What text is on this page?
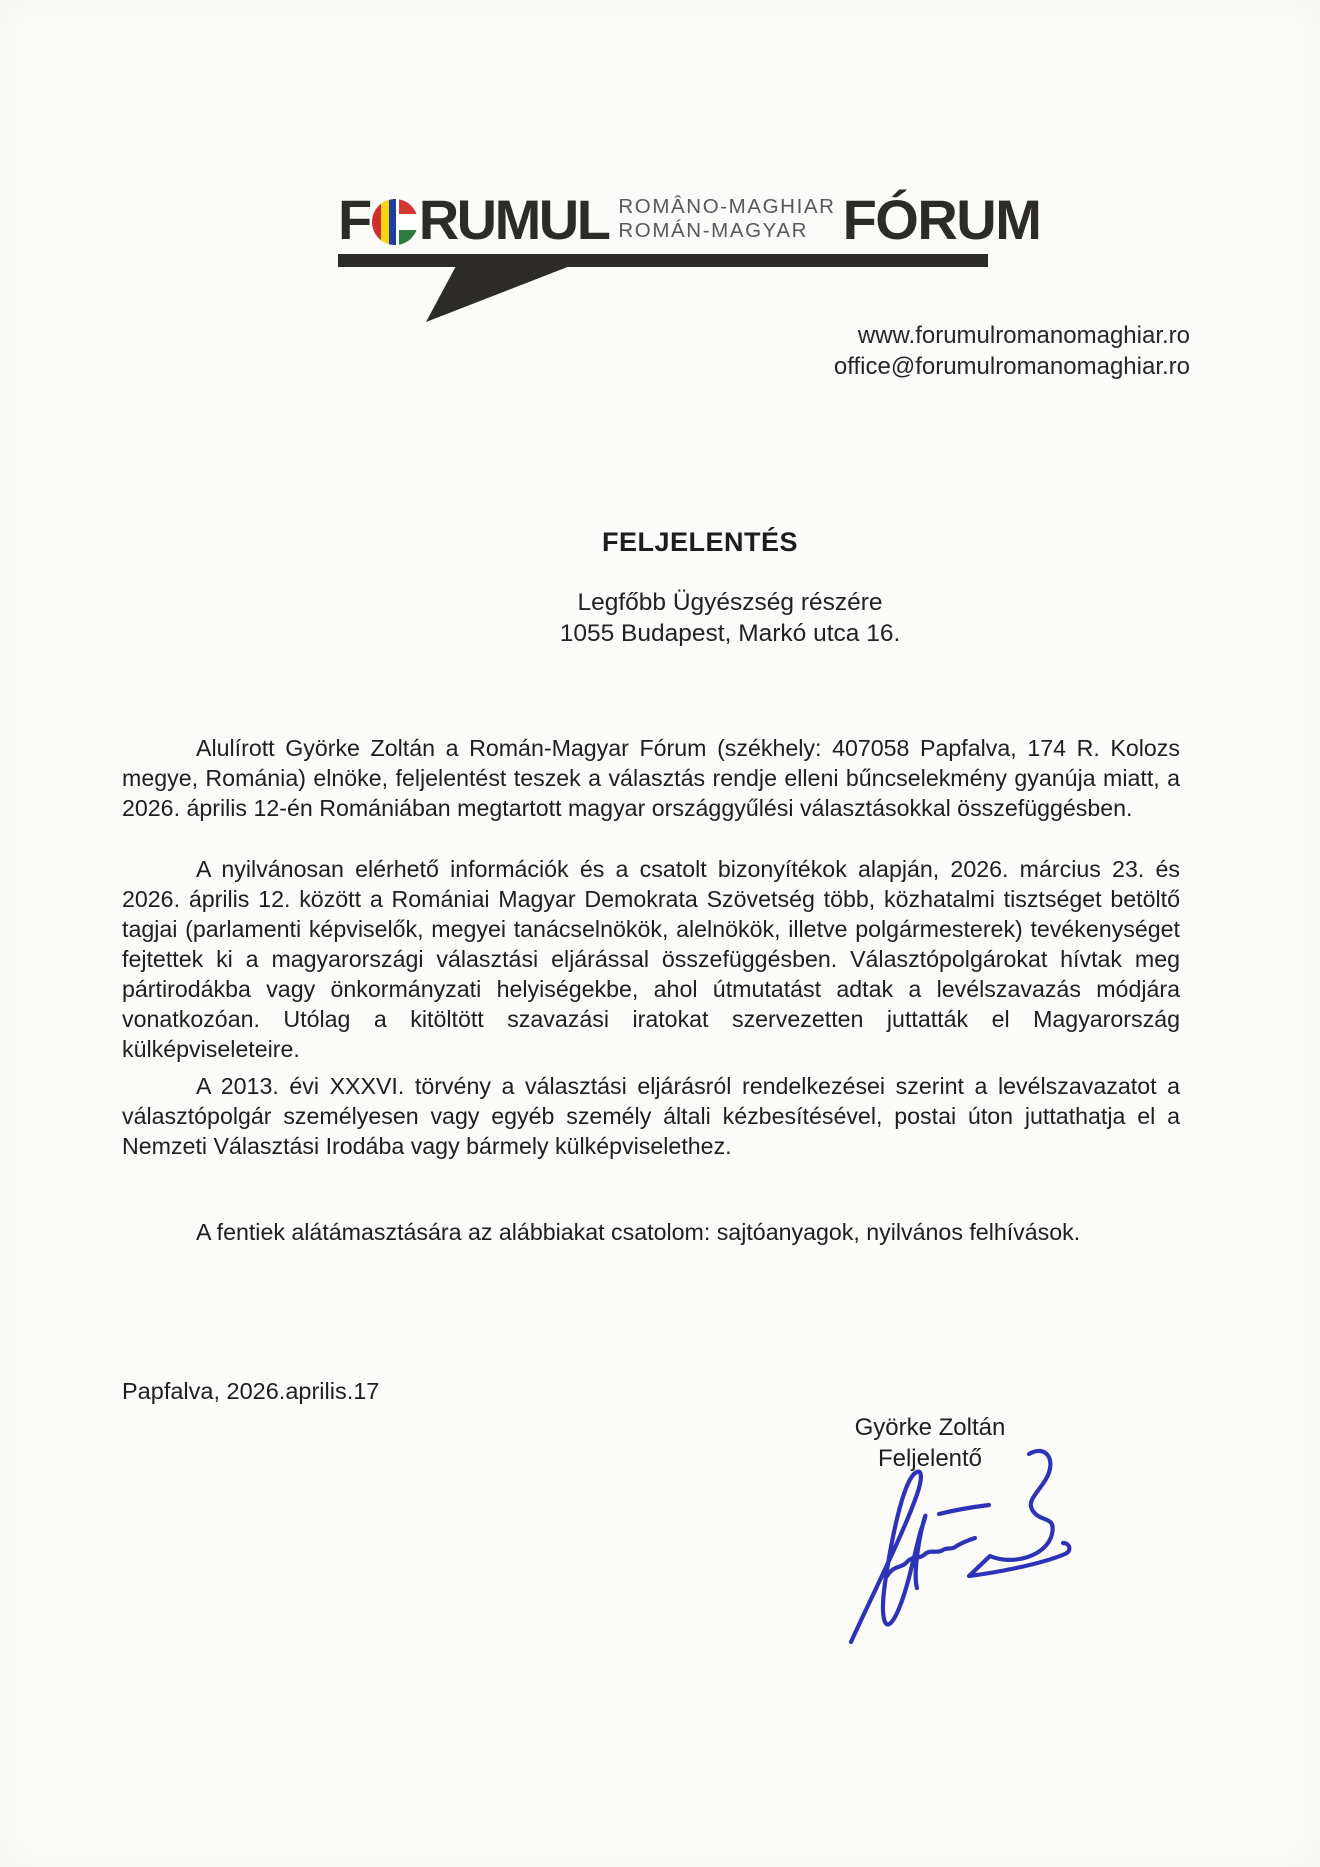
F RUMUL ROMÂNO-MAGHIAR
ROMÁN-MAGYAR FÓRUM
www.forumulromanomaghiar.ro
office@forumulromanomaghiar.ro
FELJELENTÉS
Legfőbb Ügyészség részére
1055 Budapest, Markó utca 16.

Alulírott Györke Zoltán a Román-Magyar Fórum (székhely: 407058 Papfalva, 174 R. Kolozs megye, Románia) elnöke, feljelentést teszek a választás rendje elleni bűncselekmény gyanúja miatt, a 2026. április 12-én Romániában megtartott magyar országgyűlési választásokkal összefüggésben.

A nyilvánosan elérhető információk és a csatolt bizonyítékok alapján, 2026. március 23. és 2026. április 12. között a Romániai Magyar Demokrata Szövetség több, közhatalmi tisztséget betöltő tagjai (parlamenti képviselők, megyei tanácselnökök, alelnökök, illetve polgármesterek) tevékenységet fejtettek ki a magyarországi választási eljárással összefüggésben. Választópolgárokat hívtak meg pártirodákba vagy önkormányzati helyiségekbe, ahol útmutatást adtak a levélszavazás módjára vonatkozóan. Utólag a kitöltött szavazási iratokat szervezetten juttatták el Magyarország külképviseleteire.

A 2013. évi XXXVI. törvény a választási eljárásról rendelkezései szerint a levélszavazatot a választópolgár személyesen vagy egyéb személy általi kézbesítésével, postai úton juttathatja el a Nemzeti Választási Irodába vagy bármely külképviselethez.

A fentiek alátámasztására az alábbiakat csatolom: sajtóanyagok, nyilvános felhívások.

Papfalva, 2026.aprilis.17
Györke Zoltán
Feljelentő
